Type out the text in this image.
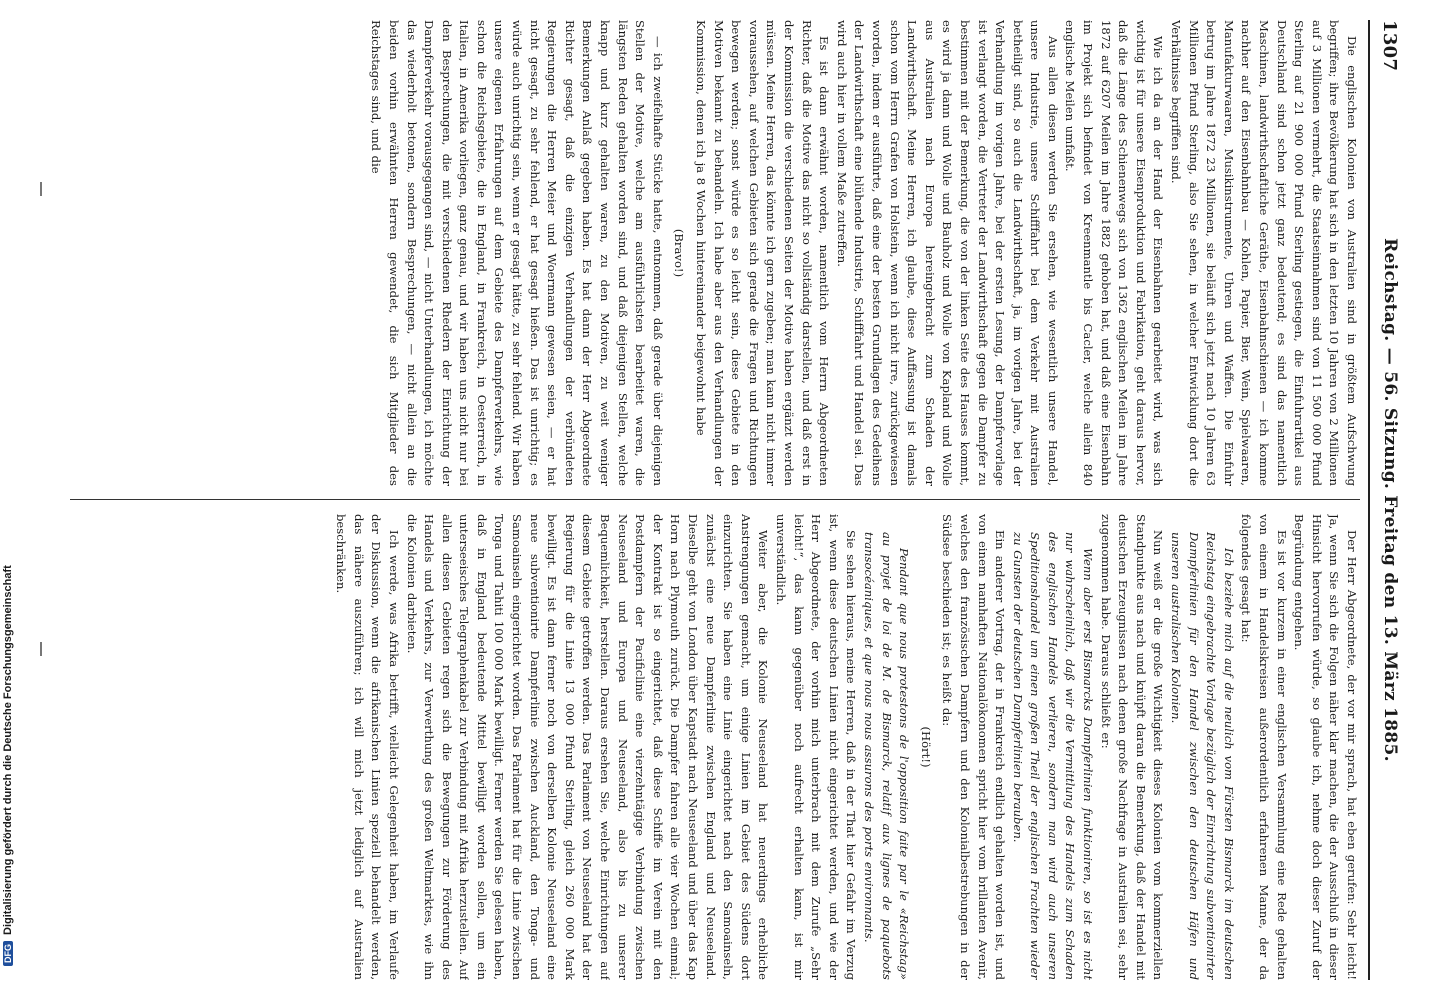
1307
Reichstag. — 56. Sitzung. Freitag den 13. März 1885.

Die englischen Kolonien von Australien sind in größtem Aufschwung begriffen; ihre Bevölkerung hat sich in den letzten 10 Jahren von 2 Millionen auf 3 Millionen vermehrt, die Staatseinnahmen sind von 11 500 000 Pfund Sterling auf 21 900 000 Pfund Sterling gestiegen, die Einfuhrartikel aus Deutschland sind schon jetzt ganz bedeutend; es sind das namentlich Maschinen, landwirthschaftliche Geräthe, Eisenbahnschienen — ich komme nachher auf den Eisenbahnbau — Kohlen, Papier, Bier, Wein, Spielwaaren, Manufakturwaaren, Musikinstrumente, Uhren und Waffen. Die Einfuhr betrug im Jahre 1872 23 Millionen, sie beläuft sich jetzt nach 10 Jahren 63 Millionen Pfund Sterling, also Sie sehen, in welcher Entwicklung dort die Verhältnisse begriffen sind.

Wie ich da an der Hand der Eisenbahnen gearbeitet wird, was sich wichtig ist für unsere Eisenproduktion und Fabrikation, geht daraus hervor, daß die Länge des Schienenwegs sich von 1362 englischen Meilen im Jahre 1872 auf 6207 Meilen im Jahre 1882 gehoben hat, und daß eine Eisenbahn im Projekt sich befindet von Kreenmantle bis Cacler, welche allein 840 englische Meilen umfaßt.

Aus allen diesen werden Sie ersehen, wie wesentlich unsere Handel, unsere Industrie, unsere Schifffahrt bei dem Verkehr mit Australien betheiligt sind, so auch die Landwirthschaft, ja, im vorigen Jahre, bei der Verhandlung im vorigen Jahre, bei der ersten Lesung, der Dampfervorlage ist verlangt worden, die Vertreter der Landwirthschaft gegen die Dampfer zu bestimmen mit der Bemerkung, die von der linken Seite des Hauses kommt, es wird ja dann und Wolle und Bauholz und Wolle von Kapland und Wolle aus Australien nach Europa hereingebracht zum Schaden der Landwirthschaft. Meine Herren, ich glaube, diese Auffassung ist damals schon vom Herrn Grafen von Holstein, wenn ich nicht irre, zurückgewiesen worden, indem er ausführte, daß eine der besten Grundlagen des Gedeihens der Landwirthschaft eine blühende Industrie, Schifffahrt und Handel sei. Das wird auch hier in vollem Maße zutreffen.

Es ist dann erwähnt worden, namentlich vom Herrn Abgeordneten Richter, daß die Motive das nicht so vollständig darstellen, und daß erst in der Kommission die verschiedenen Seiten der Motive haben ergänzt werden müssen. Meine Herren, das könnte ich gern zugeben; man kann nicht immer voraussehen, auf welchen Gebieten sich gerade die Fragen und Richtungen bewegen werden; sonst würde es so leicht sein, diese Gebiete in den Motiven bekannt zu behandeln. Ich habe aber aus den Verhandlungen der Kommission, denen ich ja 8 Wochen hintereinander beigewohnt habe

(Bravo!)

— ich zweifelhafte Stücke hatte, entnommen, daß gerade über diejenigen Stellen der Motive, welche am ausführlichsten bearbeitet waren, die längsten Reden gehalten worden sind, und daß diejenigen Stellen, welche knapp und kurz gehalten waren, zu den Motiven, zu weit weniger Bemerkungen Anlaß gegeben haben. Es hat dann der Herr Abgeordnete Richter gesagt, daß die einzigen Verhandlungen der verbündeten Regierungen die Herren Meier und Woermann gewesen seien, — er hat nicht gesagt, zu sehr fehlend, er hat gesagt hießen. Das ist unrichtig; es würde auch unrichtig sein, wenn er gesagt hätte, zu sehr fehlend. Wir haben unsere eigenen Erfahrungen auf dem Gebiete des Dampferverkehrs, wie schon die Reichsgebiete, die in England, in Frankreich, in Oesterreich, in Italien, in Amerika vorliegen, ganz genau, und wir haben uns nicht nur bei den Besprechungen, die mit verschiedenen Rhedern der Einrichtung der Dampferverkehr vorausgegangen sind, — nicht Unterhandlungen, ich möchte das wiederholt betonen, sondern Besprechungen, — nicht allein an die beiden vorhin erwähnten Herren gewendet, die sich Mitglieder des Reichstages sind, und die

Der Herr Abgeordnete, der vor mir sprach, hat eben gerufen: Sehr leicht! Ja, wenn Sie sich die Folgen näher klar machen, die der Ausschluß in dieser Hinsicht hervorrufen würde, so glaube ich, nehme doch dieser Zuruf der Begründung entgehen.

Es ist vor kurzem in einer englischen Versammlung eine Rede gehalten von einem in Handelskreisen außerordentlich erfahrenen Manne, der da folgendes gesagt hat:

Ich beziehe mich auf die neulich vom Fürsten Bismarck im deutschen Reichstag eingebrachte Vorlage bezüglich der Einrichtung subventionirter Dampferlinien für den Handel zwischen den deutschen Häfen und unseren australischen Kolonien.

Nun weiß er die große Wichtigkeit dieses Kolonien vom kommerziellen Standpunkte aus nach und knüpft daran die Bemerkung, daß der Handel mit deutschen Erzeugnissen nach denen große Nachfrage in Australien sei, sehr zugenommen habe. Daraus schließt er:

Wenn aber erst Bismarcks Dampferlinien funktioniren, so ist es nicht nur wahrscheinlich, daß wir die Vermittlung des Handels zum Schaden des englischen Handels verlieren, sondern man wird auch unseren Speditionshandel um einen großen Theil der englischen Frachten wieder zu Gunsten der deutschen Dampferlinien berauben.

Ein anderer Vortrag, der in Frankreich endlich gehalten worden ist, und von einem namhaften Nationalökonomen spricht hier vom brillanten Avenir, welches den französischen Dampfern und den Kolonialbestrebungen in der Südsee beschieden ist; es heißt da:

(Hört!)

Pendant que nous protestons de l'opposition faite par le «Reichstag» au projet de loi de M. de Bismarck, relatif aux lignes de paquebots transocéaniques, et que nous nous assurons des ports environnants.

Sie sehen hieraus, meine Herren, daß in der That hier Gefahr im Verzug ist, wenn diese deutschen Linien nicht eingerichtet werden, und wie der Herr Abgeordnete, der vorhin mich unterbrach mit dem Zurufe „Sehr leicht!“, das kann gegenüber noch aufrecht erhalten kann, ist mir unverständlich.

Weiter aber, die Kolonie Neuseeland hat neuerdings erhebliche Anstrengungen gemacht, um einige Linien im Gebiet des Südens dort einzurichten. Sie haben eine Linie eingerichtet nach den Samoainseln, zunächst eine neue Dampferlinie zwischen England und Neuseeland. Dieselbe geht von London über Kapstadt nach Neuseeland und über das Kap Horn nach Plymouth zurück. Die Dampfer fahren alle vier Wochen einmal; der Kontrakt ist so eingerichtet, daß diese Schiffe im Verein mit den Postdampfern der Pacificlinie eine vierzehntägige Verbindung zwischen Neuseeland und Europa und Neuseeland, also bis zu unserer Bequemlichkeit, herstellen. Daraus ersehen Sie, welche Einrichtungen auf diesem Gebiete getroffen werden. Das Parlament von Neuseeland hat der Regierung für die Linie 13 000 Pfund Sterling, gleich 260 000 Mark bewilligt. Es ist dann ferner noch von derselben Kolonie Neuseeland eine neue subventionirte Dampferlinie zwischen Auckland, den Tonga- und Samoainseln eingerichtet worden. Das Parlament hat für die Linie zwischen Tonga und Tahiti 100 000 Mark bewilligt. Ferner werden Sie gelesen haben, daß in England bedeutende Mittel bewilligt worden sollen, um ein unterseeisches Telegraphenkabel zur Verbindung mit Afrika herzustellen. Auf allen diesen Gebieten regen sich die Bewegungen zur Förderung des Handels und Verkehrs, zur Verwerthung des großen Weltmarktes, wie ihn die Kolonien darbieten.

Ich werde, was Afrika betrifft, vielleicht Gelegenheit haben, im Verlaufe der Diskussion, wenn die afrikanischen Linien speziell behandelt werden, das nähere auszuführen; ich will mich jetzt lediglich auf Australien beschränken.

DFGDigitalisierung gefördert durch die Deutsche Forschungsgemeinschaft
